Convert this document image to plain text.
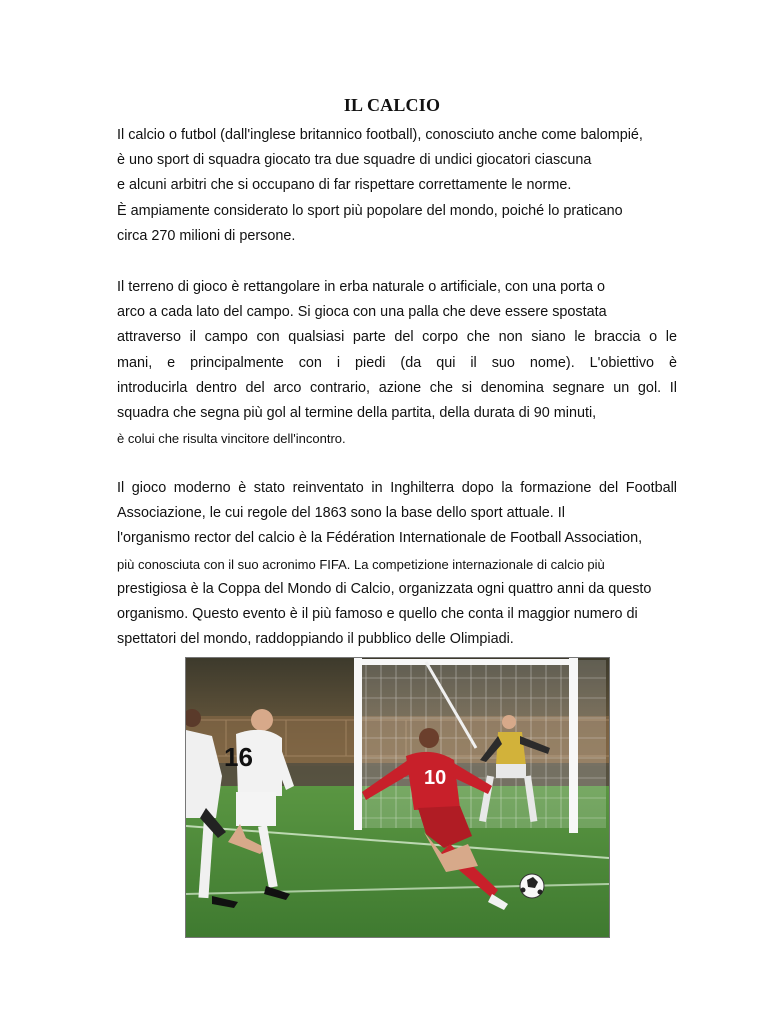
IL CALCIO
Il calcio o futbol (dall'inglese britannico football), conosciuto anche come balompié,
è uno sport di squadra giocato tra due squadre di undici giocatori ciascuna
e alcuni arbitri che si occupano di far rispettare correttamente le norme.
È ampiamente considerato lo sport più popolare del mondo, poiché lo praticano
circa 270 milioni di persone.
Il terreno di gioco è rettangolare in erba naturale o artificiale, con una porta o
arco a cada lato del campo. Si gioca con una palla che deve essere spostata
attraverso il campo con qualsiasi parte del corpo che non siano le braccia o le
mani, e principalmente con i piedi (da qui il suo nome). L'obiettivo è
introducirla dentro del arco contrario, azione che si denomina segnare un gol. Il
squadra che segna più gol al termine della partita, della durata di 90 minuti,
è colui che risulta vincitore dell'incontro.
Il gioco moderno è stato reinventato in Inghilterra dopo la formazione del Football
Associazione, le cui regole del 1863 sono la base dello sport attuale. Il
l'organismo rector del calcio è la Fédération Internationale de Football Association,
più conosciuta con il suo acronimo FIFA. La competizione internazionale di calcio più
prestigiosa è la Coppa del Mondo di Calcio, organizzata ogni quattro anni da questo
organismo. Questo evento è il più famoso e quello che conta il maggior numero di
spettatori del mondo, raddoppiando il pubblico delle Olimpiadi.
10
16
